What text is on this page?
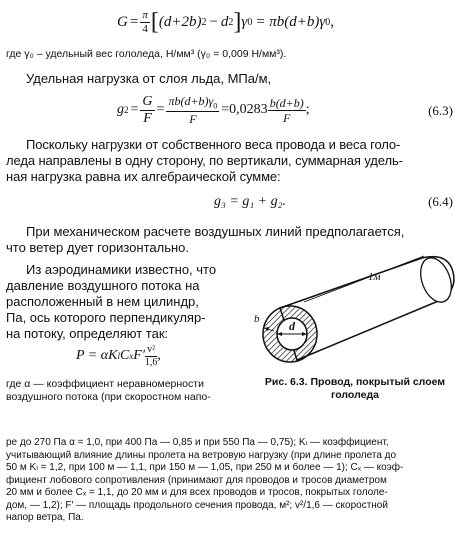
$G = \frac{\pi}{4}$ [ (d+2b) 2 − d 2 ] γ 0 = πb(d+b)γ 0 ,
где γ₀ – удельный вес гололеда, Н/мм³ (γ₀ = 0,009 Н/мм³).
Удельная нагрузка от слоя льда, МПа/м,
g $2 = \frac{G}{F} = \frac{\pi b(d+b)\gamma_0}{F} =0,0283 \frac{b(d+b)}{F}$ ;	(6.3)
Поскольку нагрузки от собственного веса провода и веса голо-
леда направлены в одну сторону, по вертикали, суммарная удель-
ная нагрузка равна их алгебраической сумме:
g₃ = g₁ + g₂.	(6.4)
При механическом расчете воздушных линий предполагается,
что ветер дует горизонтально.
Из аэродинамики известно, что
давление воздушного потока на
расположенный в нем цилиндр,
Па, ось которого перпендикуляр-
на потоку, определяют так:
P = αK l C x $F' \frac{\text{v²}}{1,6}$ ,
где α — коэффициент неравномерности
воздушного потока (при скоростном напо-
1м
d
b
Рис. 6.3. Провод, покрытый слоем
гололеда
ре до 270 Па α = 1,0, при 400 Па — 0,85 и при 550 Па — 0,75); Kₗ — коэффициент,
учитывающий влияние длины пролета на ветровую нагрузку (при длине пролета до
50 м Kₗ = 1,2, при 100 м — 1,1, при 150 м — 1,05, при 250 м и более — 1); Cₓ — коэф-
фициент лобового сопротивления (принимают для проводов и тросов диаметром
20 мм и более Cₓ = 1,1, до 20 мм и для всех проводов и тросов, покрытых гололе-
дом, — 1,2); F′ — площадь продольного сечения провода, м²; v²/1,6 — скоростной
напор ветра, Па.
